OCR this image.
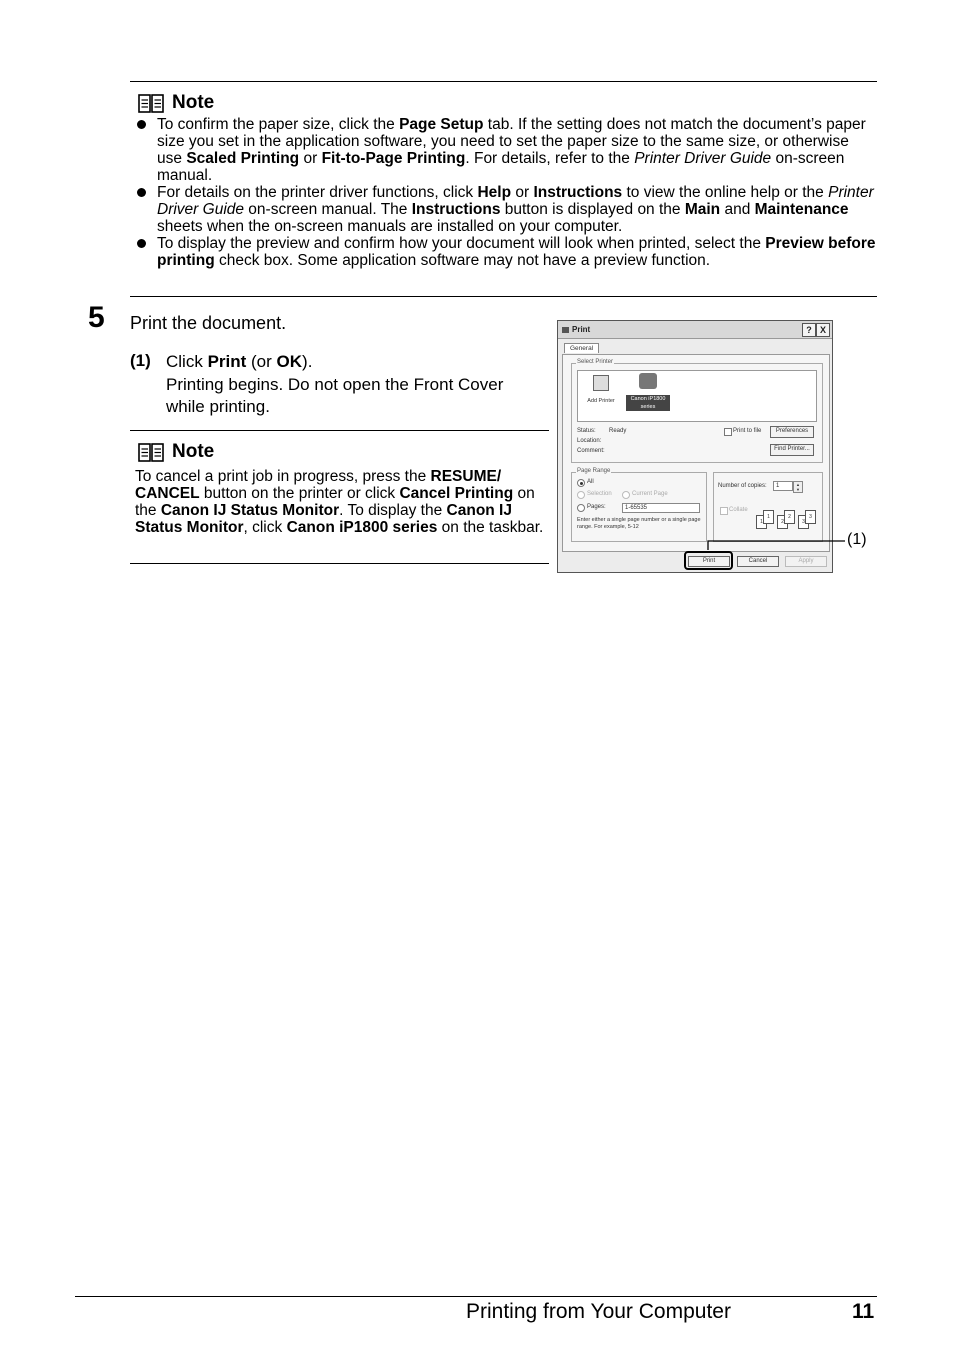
Note
To confirm the paper size, click the Page Setup tab. If the setting does not match the document’s paper size you set in the application software, you need to set the paper size to the same size, or otherwise use Scaled Printing or Fit-to-Page Printing. For details, refer to the Printer Driver Guide on-screen manual.
For details on the printer driver functions, click Help or Instructions to view the online help or the Printer Driver Guide on-screen manual. The Instructions button is displayed on the Main and Maintenance sheets when the on-screen manuals are installed on your computer.
To display the preview and confirm how your document will look when printed, select the Preview before printing check box. Some application software may not have a preview function.
5 Print the document.
(1) Click Print (or OK).
Printing begins. Do not open the Front Cover while printing.
Note
To cancel a print job in progress, press the RESUME/ CANCEL button on the printer or click Cancel Printing on the Canon IJ Status Monitor. To display the Canon IJ Status Monitor, click Canon iP1800 series on the taskbar.
Print	? X
General
Select Printer
Add Printer	Canon iP1800 series
Status: Ready
Location:
Comment:
Print to file	Preferences
Find Printer...
Page Range
All
Selection	Current Page
Pages:	1-65535
Enter either a single page number or a single page range. For example, 5-12
Number of copies:	1	▲
▼
Collate
1
1
2
2
3
3
Print	Cancel	Apply
(1)
Printing from Your Computer	11
